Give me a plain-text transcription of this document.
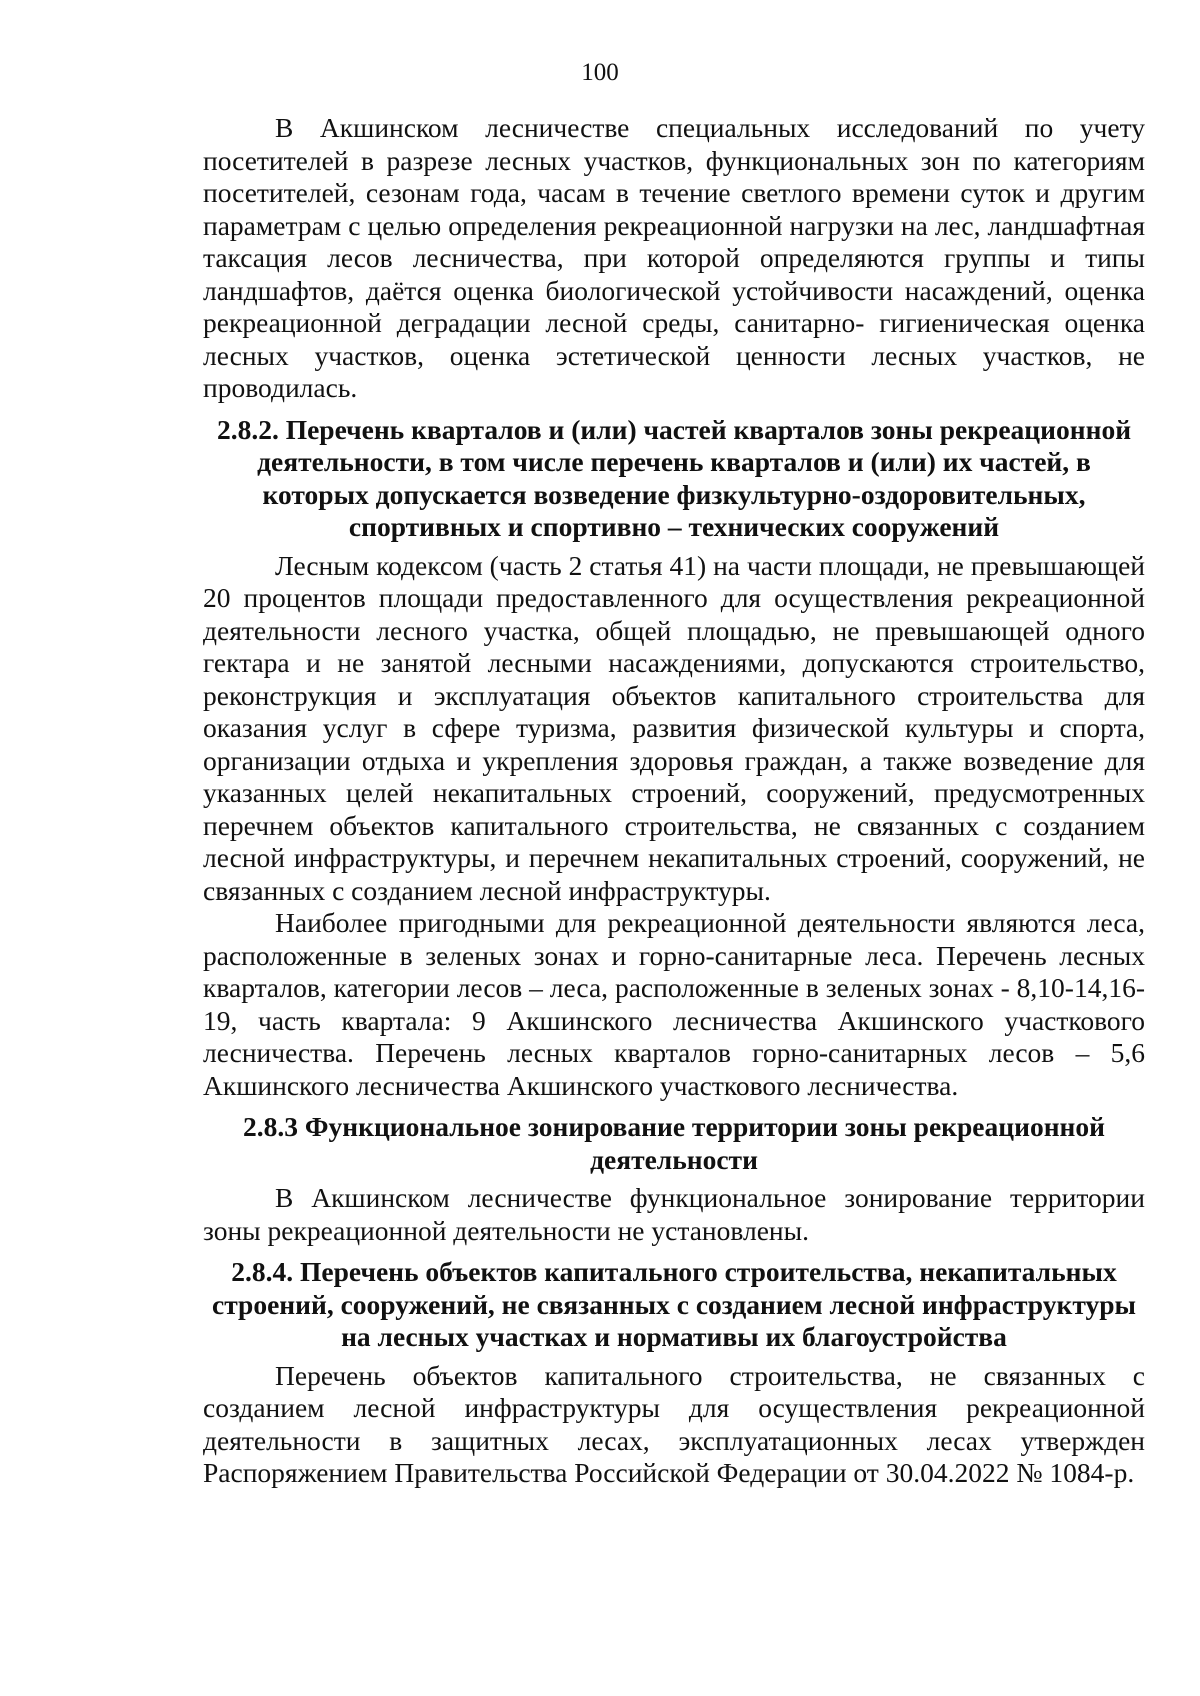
100

В Акшинском лесничестве специальных исследований по учету посетителей в разрезе лесных участков, функциональных зон по категориям посетителей, сезонам года, часам в течение светлого времени суток и другим параметрам с целью определения рекреационной нагрузки на лес, ландшафтная таксация лесов лесничества, при которой определяются группы и типы ландшафтов, даётся оценка биологической устойчивости насаждений, оценка рекреационной деградации лесной среды, санитарно- гигиеническая оценка лесных участков, оценка эстетической ценности лесных участков, не проводилась.

2.8.2. Перечень кварталов и (или) частей кварталов зоны рекреационной деятельности, в том числе перечень кварталов и (или) их частей, в которых допускается возведение физкультурно-оздоровительных, спортивных и спортивно – технических сооружений

Лесным кодексом (часть 2 статья 41) на части площади, не превышающей 20 процентов площади предоставленного для осуществления рекреационной деятельности лесного участка, общей площадью, не превышающей одного гектара и не занятой лесными насаждениями, допускаются строительство, реконструкция и эксплуатация объектов капитального строительства для оказания услуг в сфере туризма, развития физической культуры и спорта, организации отдыха и укрепления здоровья граждан, а также возведение для указанных целей некапитальных строений, сооружений, предусмотренных перечнем объектов капитального строительства, не связанных с созданием лесной инфраструктуры, и перечнем некапитальных строений, сооружений, не связанных с созданием лесной инфраструктуры.

Наиболее пригодными для рекреационной деятельности являются леса, расположенные в зеленых зонах и горно-санитарные леса. Перечень лесных кварталов, категории лесов – леса, расположенные в зеленых зонах - 8,10-14,16-19, часть квартала: 9 Акшинского лесничества Акшинского участкового лесничества. Перечень лесных кварталов горно-санитарных лесов – 5,6 Акшинского лесничества Акшинского участкового лесничества.

2.8.3 Функциональное зонирование территории зоны рекреационной деятельности

В Акшинском лесничестве функциональное зонирование территории зоны рекреационной деятельности не установлены.

2.8.4. Перечень объектов капитального строительства, некапитальных строений, сооружений, не связанных с созданием лесной инфраструктуры на лесных участках и нормативы их благоустройства

Перечень объектов капитального строительства, не связанных с созданием лесной инфраструктуры для осуществления рекреационной деятельности в защитных лесах, эксплуатационных лесах утвержден Распоряжением Правительства Российской Федерации от 30.04.2022 № 1084-р.
